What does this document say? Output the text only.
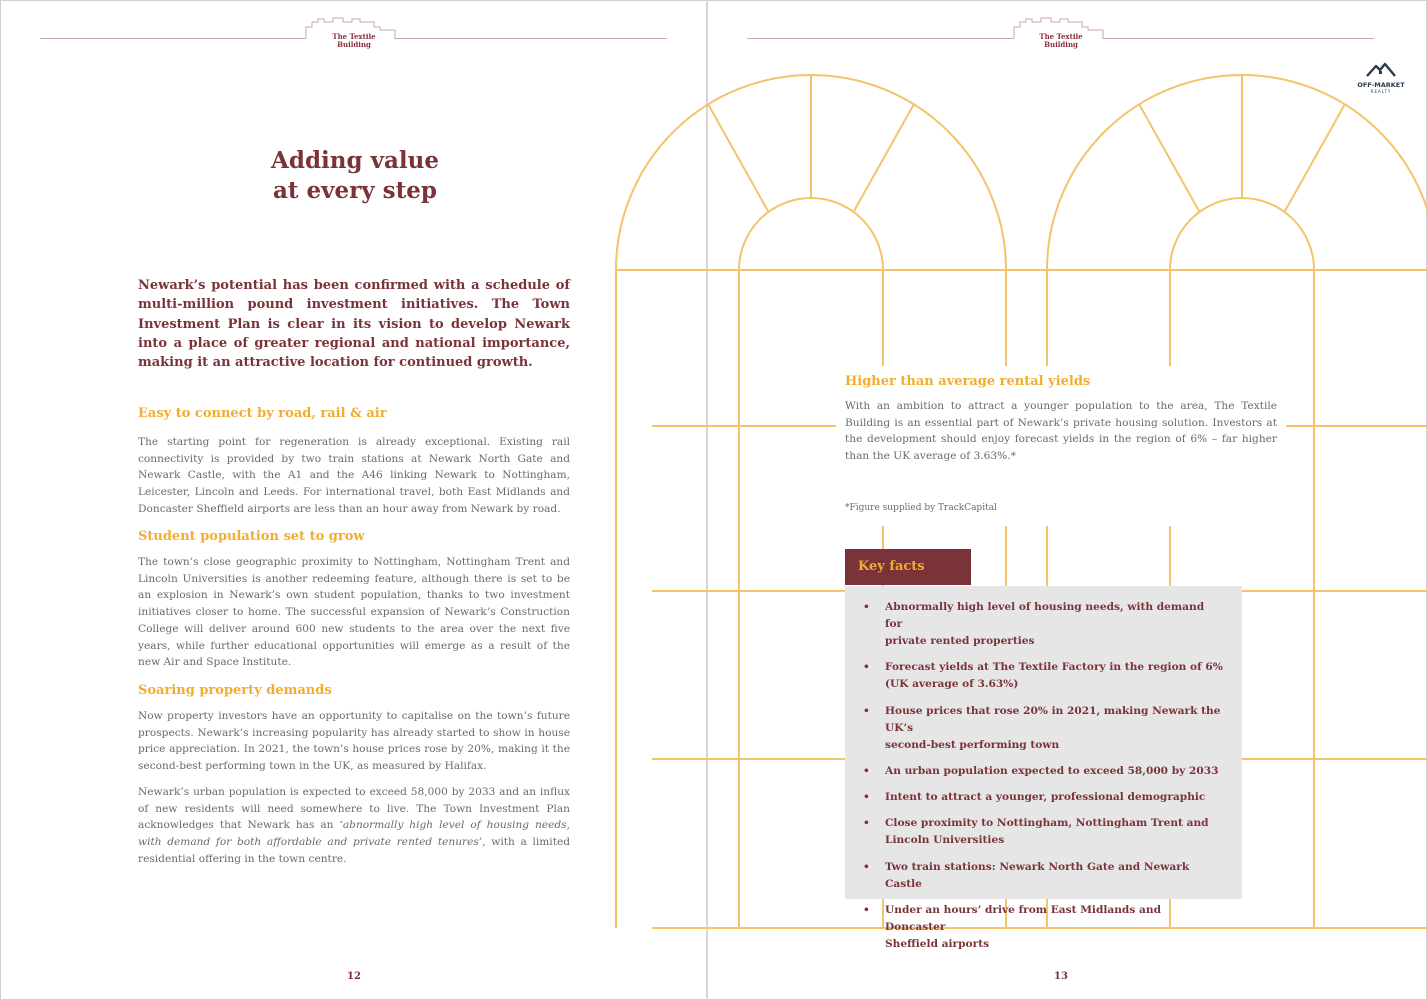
The Textile
Building
Adding value
at every step
Newark’s potential has been confirmed with a schedule of multi-million pound investment initiatives. The Town Investment Plan is clear in its vision to develop Newark into a place of greater regional and national importance, making it an attractive location for continued growth.
Easy to connect by road, rail & air
The starting point for regeneration is already exceptional. Existing rail connectivity is provided by two train stations at Newark North Gate and Newark Castle, with the A1 and the A46 linking Newark to Nottingham, Leicester, Lincoln and Leeds. For international travel, both East Midlands and Doncaster Sheffield airports are less than an hour away from Newark by road.
Student population set to grow
The town’s close geographic proximity to Nottingham, Nottingham Trent and Lincoln Universities is another redeeming feature, although there is set to be an explosion in Newark’s own student population, thanks to two investment initiatives closer to home. The successful expansion of Newark’s Construction College will deliver around 600 new students to the area over the next five years, while further educational opportunities will emerge as a result of the new Air and Space Institute.
Soaring property demands
Now property investors have an opportunity to capitalise on the town’s future prospects. Newark’s increasing popularity has already started to show in house price appreciation. In 2021, the town’s house prices rose by 20%, making it the second-best performing town in the UK, as measured by Halifax.
Newark’s urban population is expected to exceed 58,000 by 2033 and an influx of new residents will need somewhere to live. The Town Investment Plan acknowledges that Newark has an ‘abnormally high level of housing needs, with demand for both affordable and private rented tenures’, with a limited residential offering in the town centre.
12
The Textile
Building
OFF-MARKET
REALTY
Higher than average rental yields
With an ambition to attract a younger population to the area, The Textile Building is an essential part of Newark’s private housing solution. Investors at the development should enjoy forecast yields in the region of 6% – far higher than the UK average of 3.63%.*
*Figure supplied by TrackCapital
Key facts
• Abnormally high level of housing needs, with demand for
private rented properties
• Forecast yields at The Textile Factory in the region of 6%
(UK average of 3.63%)
• House prices that rose 20% in 2021, making Newark the UK’s
second-best performing town
• An urban population expected to exceed 58,000 by 2033
• Intent to attract a younger, professional demographic
• Close proximity to Nottingham, Nottingham Trent and
Lincoln Universities
• Two train stations: Newark North Gate and Newark Castle
• Under an hours’ drive from East Midlands and Doncaster
Sheffield airports
13
